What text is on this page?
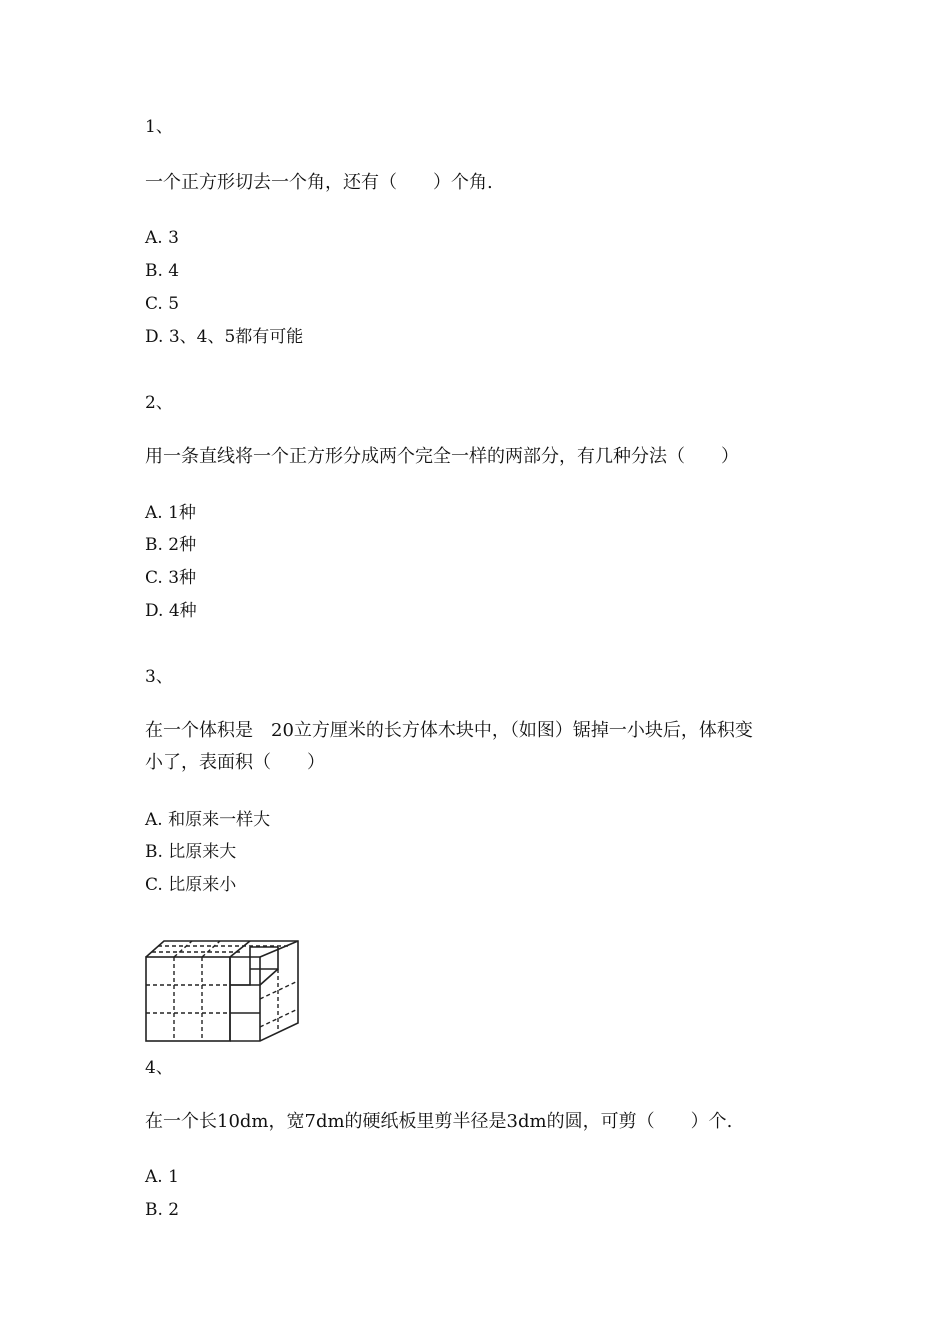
1、

一个正方形切去一个角，还有（　　）个角.

A. 3

B. 4

C. 5

D. 3、4、5都有可能

2、

用一条直线将一个正方形分成两个完全一样的两部分，有几种分法（　　）

A. 1种

B. 2种

C. 3种

D. 4种

3、

在一个体积是　20立方厘米的长方体木块中，（如图）锯掉一小块后，体积变

小了，表面积（　　）

A. 和原来一样大

B. 比原来大

C. 比原来小

4、

在一个长10dm，宽7dm的硬纸板里剪半径是3dm的圆，可剪（　　）个.

A. 1

B. 2
